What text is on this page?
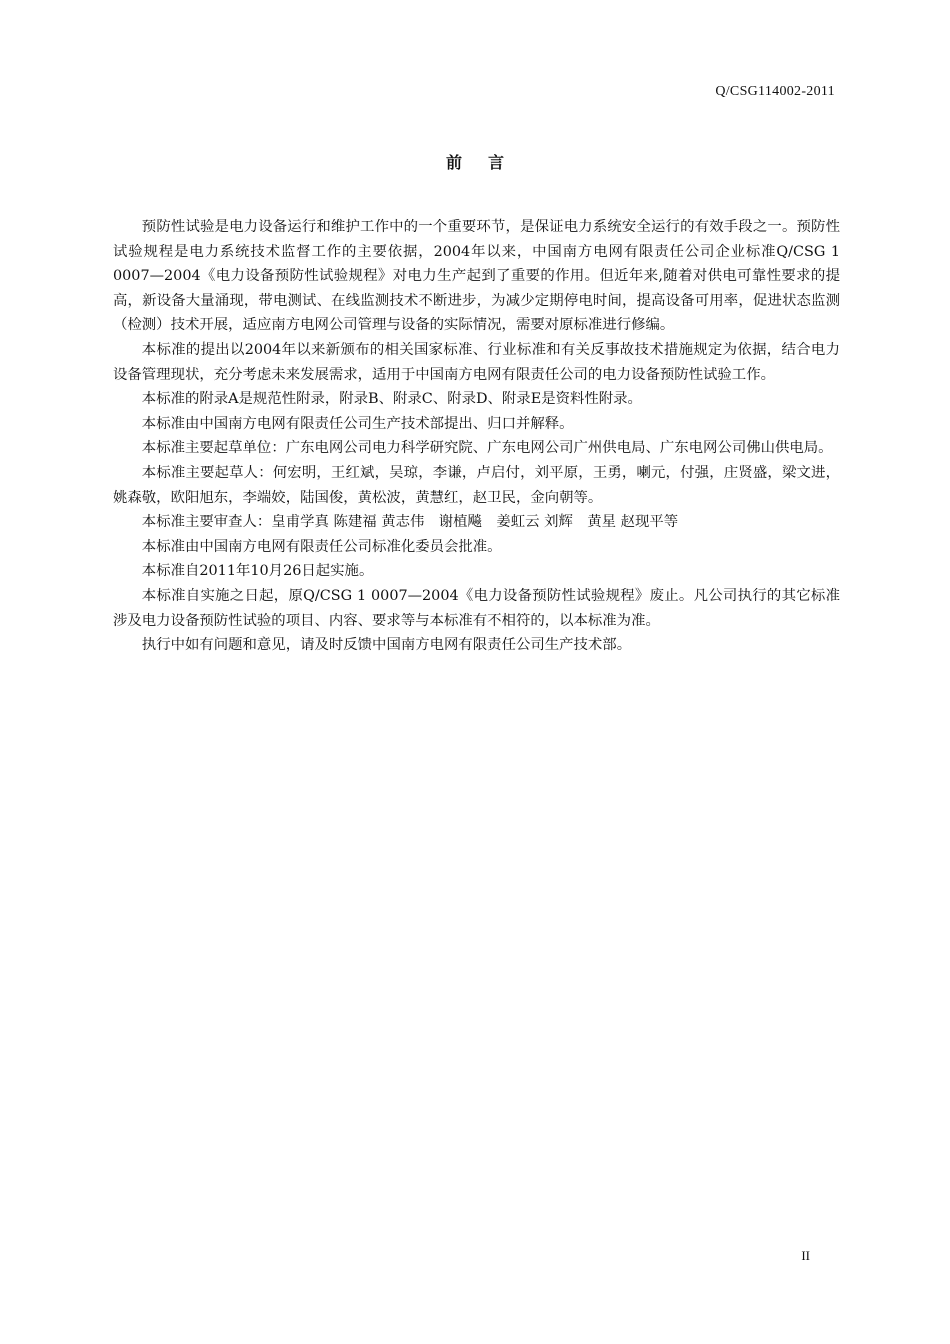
Q/CSG114002-2011
前言

预防性试验是电力设备运行和维护工作中的一个重要环节，是保证电力系统安全运行的有效手段之一。预防性试验规程是电力系统技术监督工作的主要依据，2004年以来，中国南方电网有限责任公司企业标准Q/CSG 1 0007—2004《电力设备预防性试验规程》对电力生产起到了重要的作用。但近年来,随着对供电可靠性要求的提高，新设备大量涌现，带电测试、在线监测技术不断进步，为减少定期停电时间，提高设备可用率，促进状态监测（检测）技术开展，适应南方电网公司管理与设备的实际情况，需要对原标准进行修编。

本标准的提出以2004年以来新颁布的相关国家标准、行业标准和有关反事故技术措施规定为依据，结合电力设备管理现状，充分考虑未来发展需求，适用于中国南方电网有限责任公司的电力设备预防性试验工作。

本标准的附录A是规范性附录，附录B、附录C、附录D、附录E是资料性附录。

本标准由中国南方电网有限责任公司生产技术部提出、归口并解释。

本标准主要起草单位：广东电网公司电力科学研究院、广东电网公司广州供电局、广东电网公司佛山供电局。

本标准主要起草人：何宏明，王红斌，吴琼，李谦，卢启付，刘平原，王勇，喇元，付强，庄贤盛，梁文进，姚森敬，欧阳旭东，李端姣，陆国俊，黄松波，黄慧红，赵卫民，金向朝等。

本标准主要审查人：皇甫学真 陈建福 黄志伟　谢植飚　姜虹云 刘辉　黄星 赵现平等

本标准由中国南方电网有限责任公司标准化委员会批准。

本标准自2011年10月26日起实施。

本标准自实施之日起，原Q/CSG 1 0007—2004《电力设备预防性试验规程》废止。凡公司执行的其它标准涉及电力设备预防性试验的项目、内容、要求等与本标准有不相符的，以本标准为准。

执行中如有问题和意见，请及时反馈中国南方电网有限责任公司生产技术部。

II
